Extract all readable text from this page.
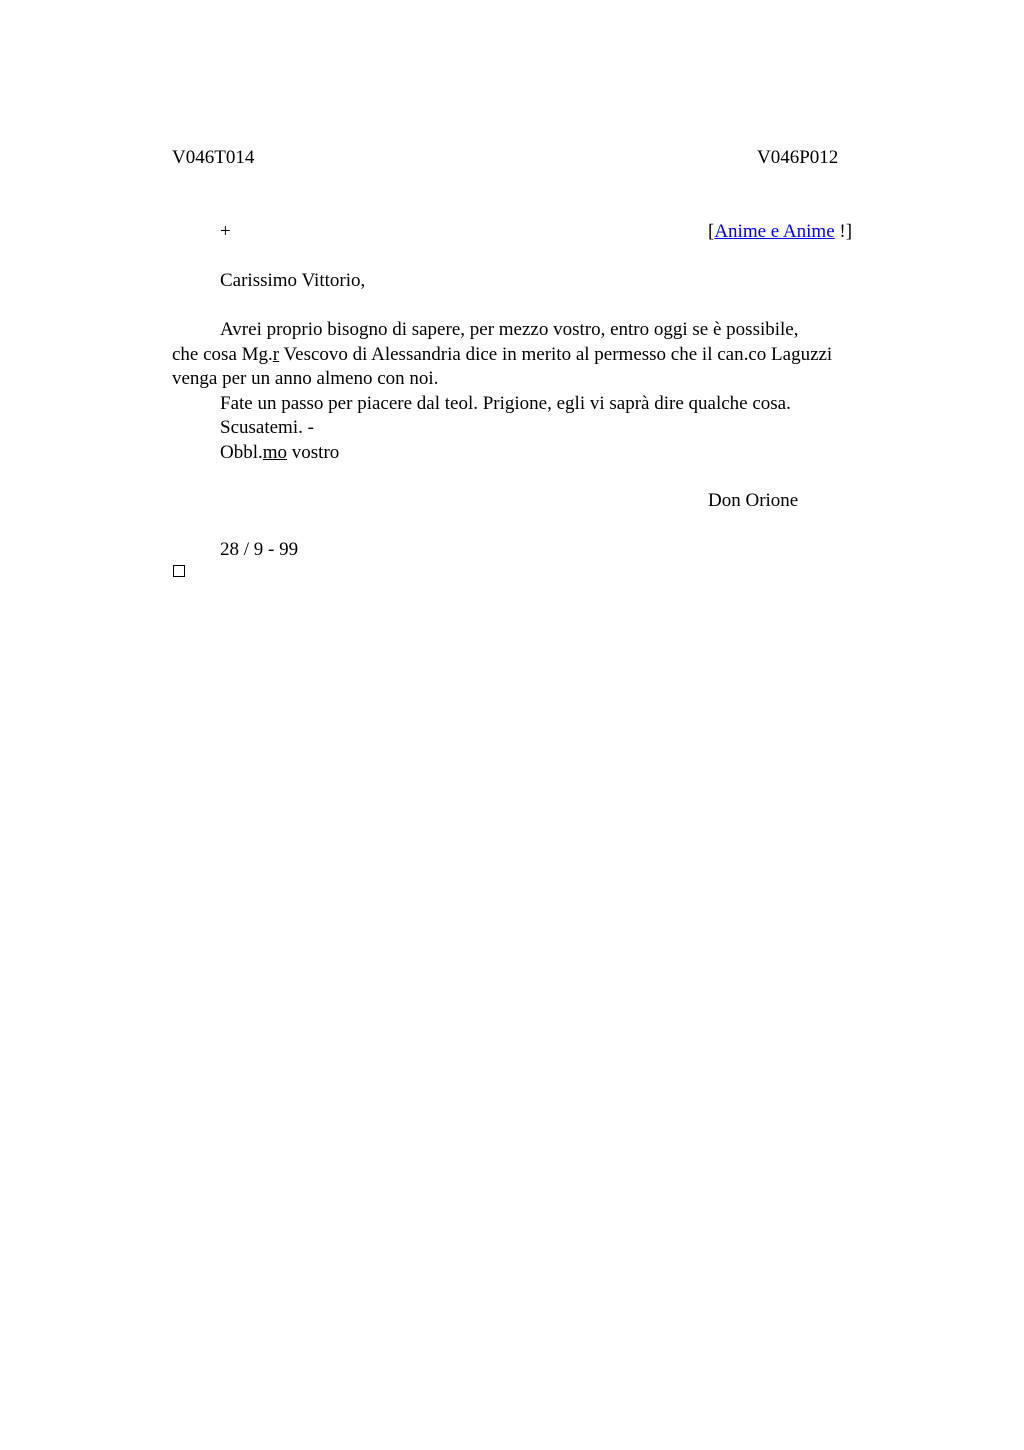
V046T014	V046P012
+	[Anime e Anime !]
Carissimo Vittorio,
Avrei proprio bisogno di sapere, per mezzo vostro, entro oggi se è possibile,
che cosa Mg.r Vescovo di Alessandria dice in merito al permesso che il can.co Laguzzi
venga per un anno almeno con noi.
Fate un passo per piacere dal teol. Prigione, egli vi saprà dire qualche cosa.
Scusatemi. -
Obbl.mo vostro
Don Orione
28 / 9 - 99
